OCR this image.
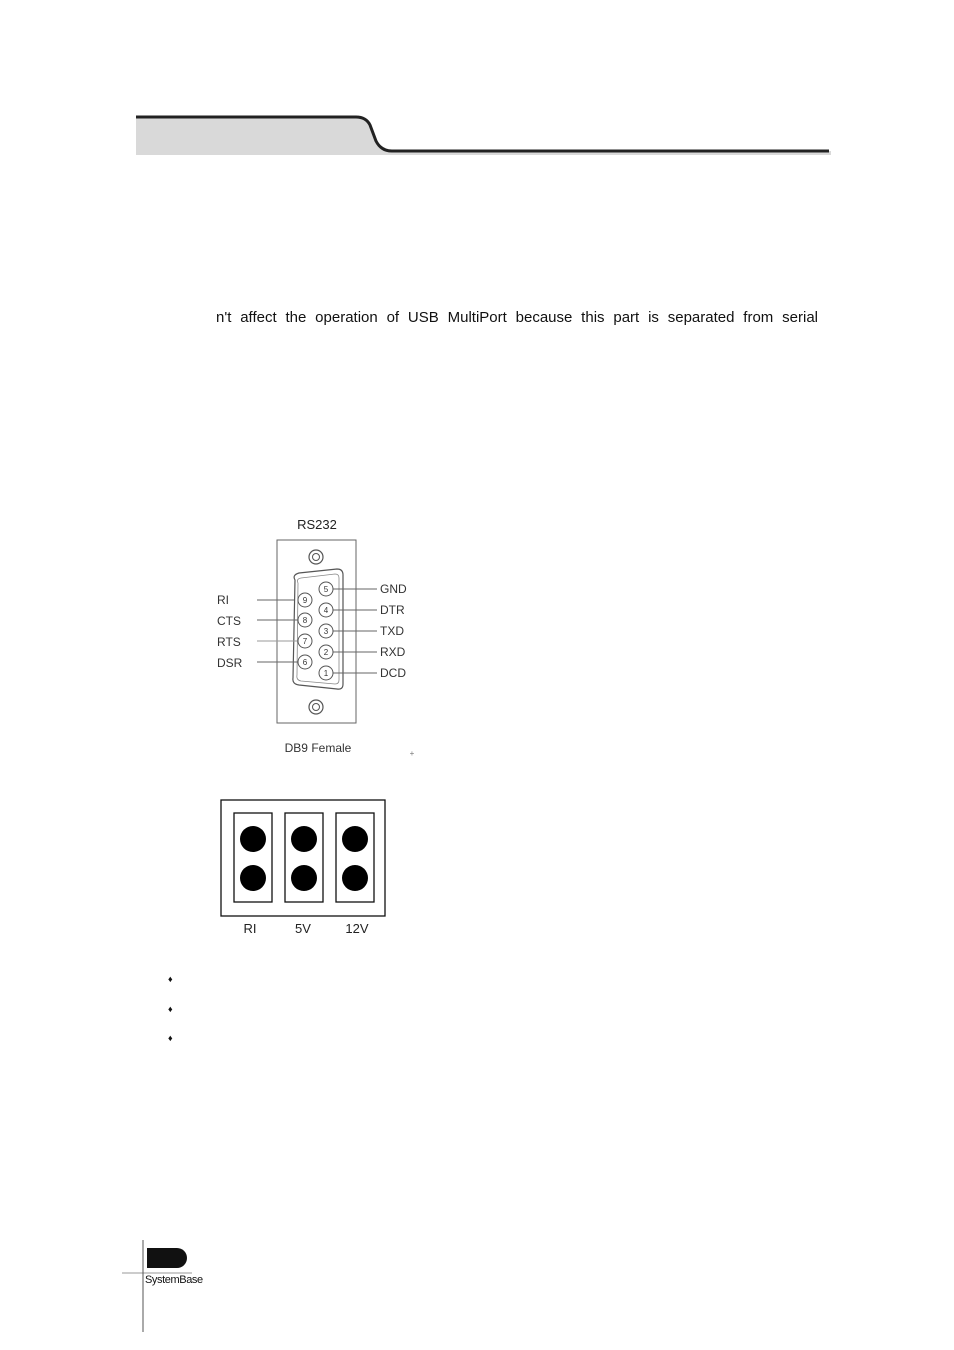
n't affect the operation of USB MultiPort because this part is separated from serial
RS232
5
4
3
2
1
9
8
7
6
RI
CTS
RTS
DSR
GND
DTR
TXD
RXD
DCD
DB9 Female	+
RI	5V	12V
♦
♦
♦
SystemBase
